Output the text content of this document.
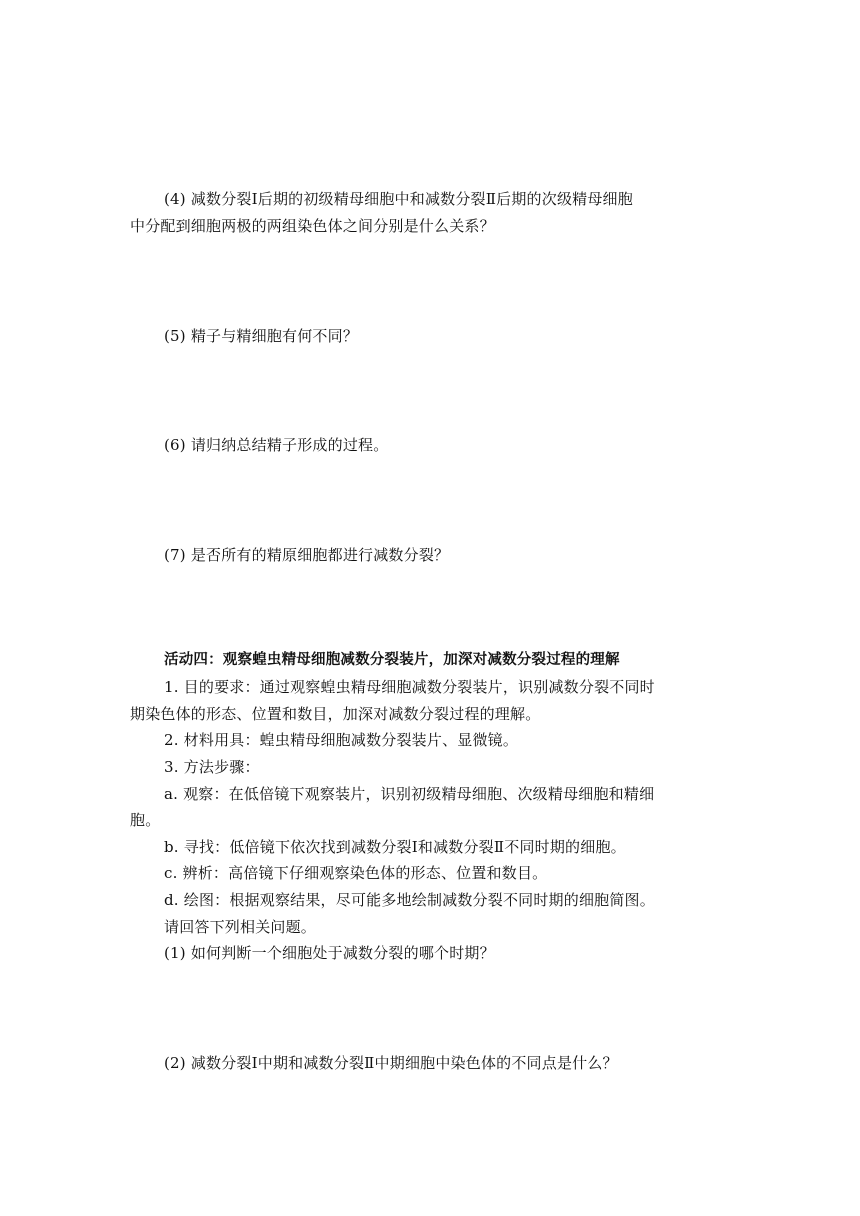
(4) 减数分裂Ⅰ后期的初级精母细胞中和减数分裂Ⅱ后期的次级精母细胞
中分配到细胞两极的两组染色体之间分别是什么关系？
(5) 精子与精细胞有何不同？
(6) 请归纳总结精子形成的过程。
(7) 是否所有的精原细胞都进行减数分裂？
活动四：观察蝗虫精母细胞减数分裂装片，加深对减数分裂过程的理解
1. 目的要求：通过观察蝗虫精母细胞减数分裂装片，识别减数分裂不同时
期染色体的形态、位置和数目，加深对减数分裂过程的理解。
2. 材料用具：蝗虫精母细胞减数分裂装片、显微镜。
3. 方法步骤：
a. 观察：在低倍镜下观察装片，识别初级精母细胞、次级精母细胞和精细
胞。
b. 寻找：低倍镜下依次找到减数分裂Ⅰ和减数分裂Ⅱ不同时期的细胞。
c. 辨析：高倍镜下仔细观察染色体的形态、位置和数目。
d. 绘图：根据观察结果，尽可能多地绘制减数分裂不同时期的细胞简图。
请回答下列相关问题。
(1) 如何判断一个细胞处于减数分裂的哪个时期？
(2) 减数分裂Ⅰ中期和减数分裂Ⅱ中期细胞中染色体的不同点是什么？
